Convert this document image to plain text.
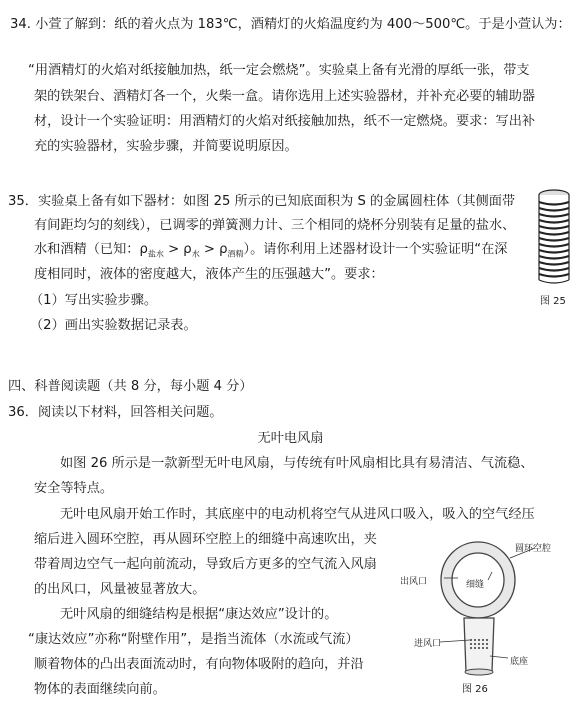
34. 小萱了解到：纸的着火点为 183℃，酒精灯的火焰温度约为 400～500℃。于是小萱认为：
“用酒精灯的火焰对纸接触加热，纸一定会燃烧”。实验桌上备有光滑的厚纸一张，带支
架的铁架台、酒精灯各一个，火柴一盒。请你选用上述实验器材，并补充必要的辅助器
材，设计一个实验证明：用酒精灯的火焰对纸接触加热，纸不一定燃烧。要求：写出补
充的实验器材，实验步骤，并简要说明原因。
35．实验桌上备有如下器材：如图 25 所示的已知底面积为 S 的金属圆柱体（其侧面带
有间距均匀的刻线），已调零的弹簧测力计、三个相同的烧杯分别装有足量的盐水、
水和酒精（已知：$\rho_{盐水} > \rho_水 > \rho_{酒精}$）。请你利用上述器材设计一个实验证明“在深
度相同时，液体的密度越大，液体产生的压强越大”。要求：
（1）写出实验步骤。
（2）画出实验数据记录表。
图 25
四、科普阅读题（共 8 分，每小题 4 分）
36．阅读以下材料，回答相关问题。
无叶电风扇
如图 26 所示是一款新型无叶电风扇，与传统有叶风扇相比具有易清洁、气流稳、
安全等特点。
无叶电风扇开始工作时，其底座中的电动机将空气从进风口吸入，吸入的空气经压
缩后进入圆环空腔，再从圆环空腔上的细缝中高速吹出，夹
带着周边空气一起向前流动，导致后方更多的空气流入风扇
的出风口，风量被显著放大。
无叶风扇的细缝结构是根据“康达效应”设计的。
“康达效应”亦称“附壁作用”，是指当流体（水流或气流）
顺着物体的凸出表面流动时，有向物体吸附的趋向，并沿
物体的表面继续向前。
圆环空腔
出风口	细缝
进风口
底座
图 26
